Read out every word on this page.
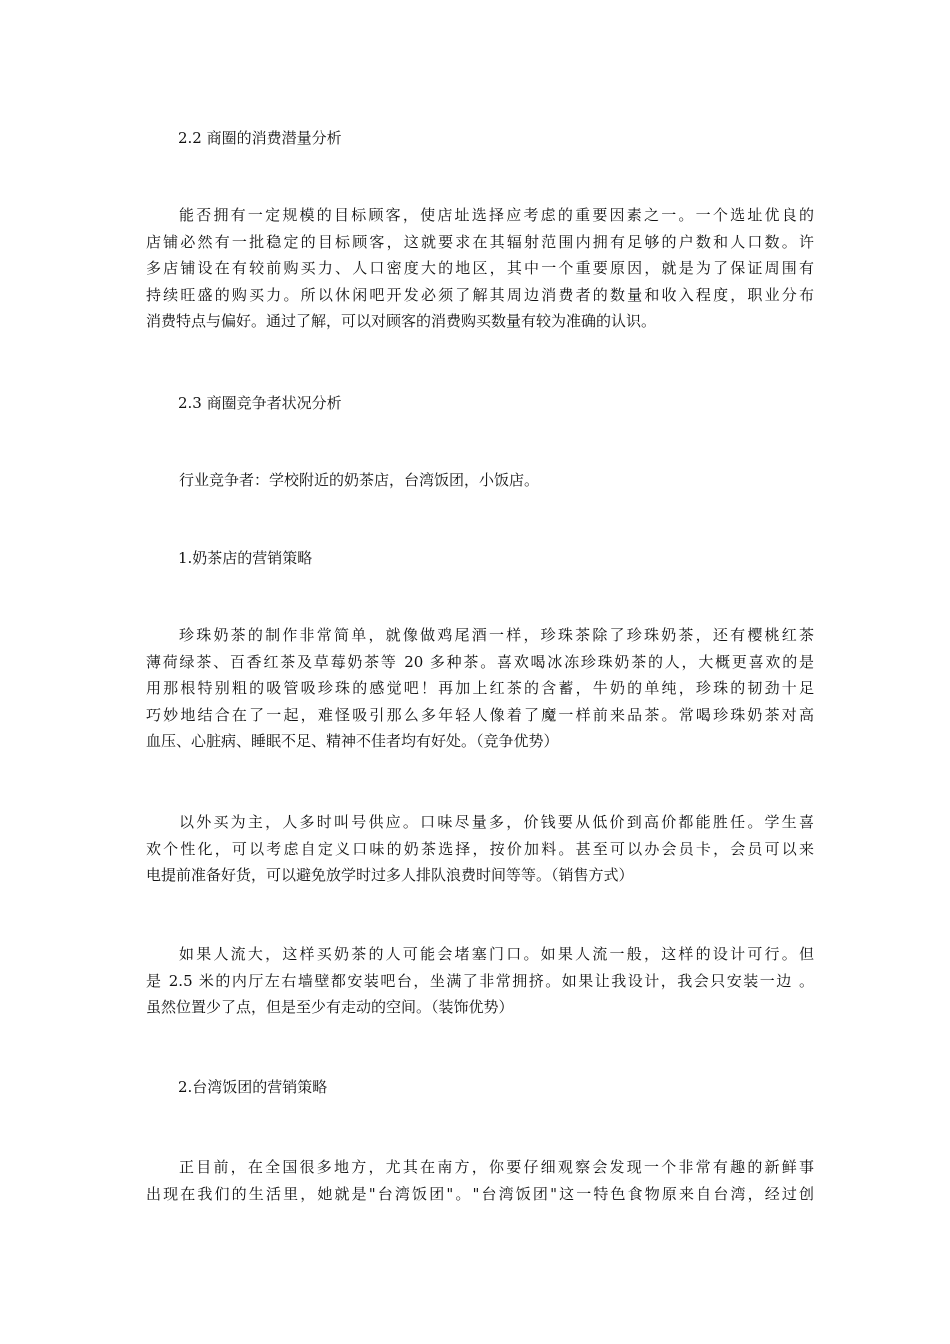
2.2 商圈的消费潜量分析
能否拥有一定规模的目标顾客，使店址选择应考虑的重要因素之一。一个选址优良的
店铺必然有一批稳定的目标顾客，这就要求在其辐射范围内拥有足够的户数和人口数。许
多店铺设在有较前购买力、人口密度大的地区，其中一个重要原因，就是为了保证周围有
持续旺盛的购买力。所以休闲吧开发必须了解其周边消费者的数量和收入程度，职业分布
消费特点与偏好。通过了解，可以对顾客的消费购买数量有较为准确的认识。
2.3 商圈竞争者状况分析
行业竞争者：学校附近的奶茶店，台湾饭团，小饭店。
1.奶茶店的营销策略
珍珠奶茶的制作非常简单，就像做鸡尾酒一样，珍珠茶除了珍珠奶茶，还有樱桃红茶
薄荷绿茶、百香红茶及草莓奶茶等 20 多种茶。喜欢喝冰冻珍珠奶茶的人，大概更喜欢的是
用那根特别粗的吸管吸珍珠的感觉吧！再加上红茶的含蓄，牛奶的单纯，珍珠的韧劲十足
巧妙地结合在了一起，难怪吸引那么多年轻人像着了魔一样前来品茶。常喝珍珠奶茶对高
血压、心脏病、睡眠不足、精神不佳者均有好处。（竞争优势）
以外买为主，人多时叫号供应。口味尽量多，价钱要从低价到高价都能胜任。学生喜
欢个性化，可以考虑自定义口味的奶茶选择，按价加料。甚至可以办会员卡，会员可以来
电提前准备好货，可以避免放学时过多人排队浪费时间等等。（销售方式）
如果人流大，这样买奶茶的人可能会堵塞门口。如果人流一般，这样的设计可行。但
是 2.5 米的内厅左右墙壁都安装吧台，坐满了非常拥挤。如果让我设计，我会只安装一边 。
虽然位置少了点，但是至少有走动的空间。（装饰优势）
2.台湾饭团的营销策略
正目前，在全国很多地方，尤其在南方，你要仔细观察会发现一个非常有趣的新鲜事
出现在我们的生活里，她就是"台湾饭团"。"台湾饭团"这一特色食物原来自台湾，经过创
